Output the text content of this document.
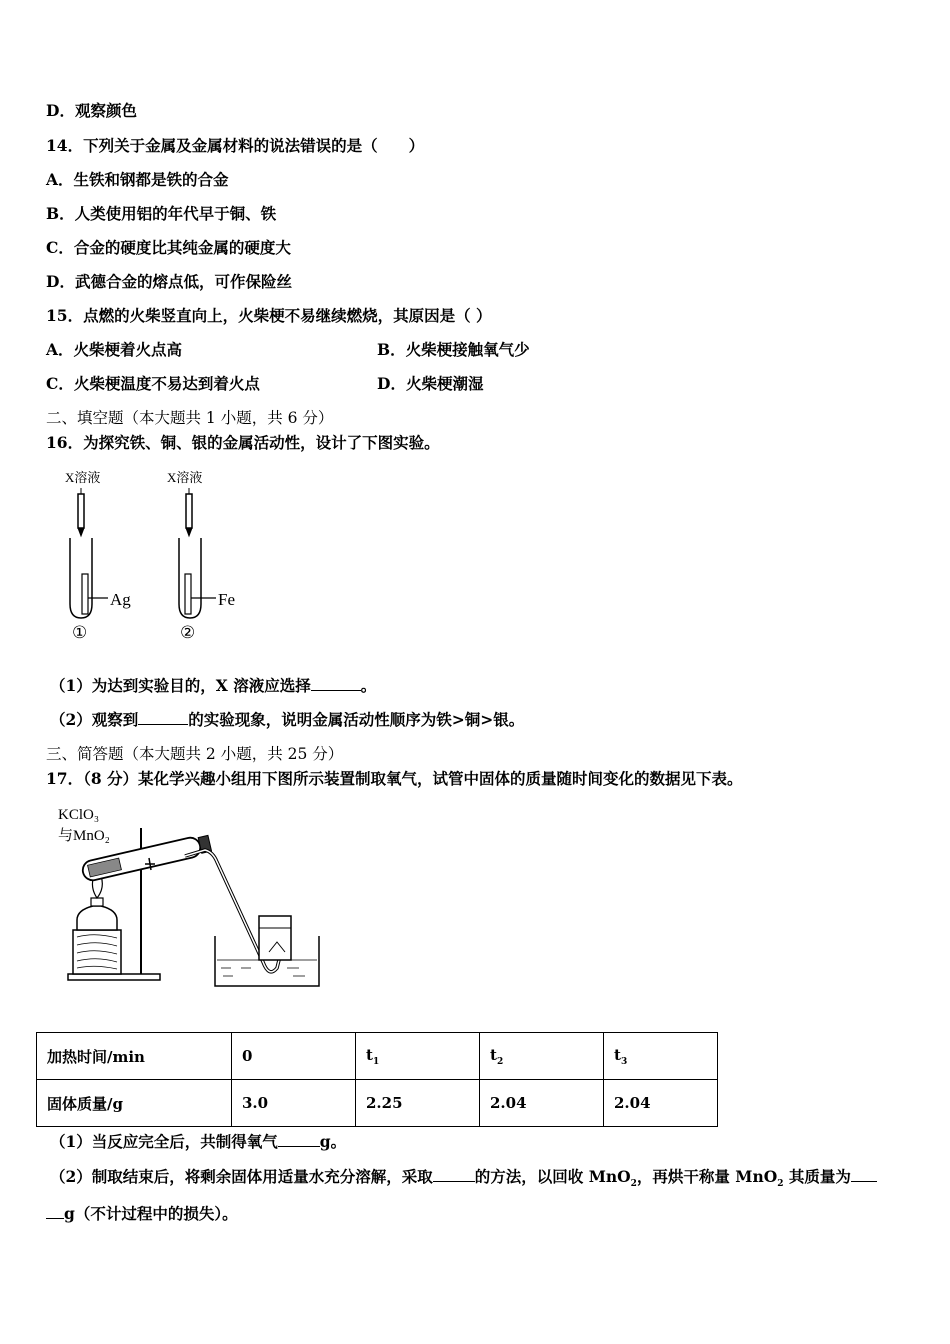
D．观察颜色
14．下列关于金属及金属材料的说法错误的是（　　）
A．生铁和钢都是铁的合金
B．人类使用铝的年代早于铜、铁
C．合金的硬度比其纯金属的硬度大
D．武德合金的熔点低，可作保险丝
15．点燃的火柴竖直向上，火柴梗不易继续燃烧，其原因是（ ）
A．火柴梗着火点高	B．火柴梗接触氧气少
C．火柴梗温度不易达到着火点	D．火柴梗潮湿
二、填空题（本大题共 1 小题，共 6 分）
16．为探究铁、铜、银的金属活动性，设计了下图实验。
X溶液
Ag
①
X溶液
Fe
②
（1）为达到实验目的，X 溶液应选择	。
（2）观察到	的实验现象，说明金属活动性顺序为铁>铜>银。
三、简答题（本大题共 2 小题，共 25 分）
17．（8 分）某化学兴趣小组用下图所示装置制取氧气，试管中固体的质量随时间变化的数据见下表。
KClO₃
与MnO₂
加热时间/min	0	$t_1$	$t_2$	$t_3$
固体质量/g	3.0	2.25	2.04	2.04
（1）当反应完全后，共制得氧气	g。
（2）制取结束后，将剩余固体用适量水充分溶解，采取	的方法，以回收 MnO$_2$，再烘干称量 MnO$_2$ 其质量为
g（不计过程中的损失）。
